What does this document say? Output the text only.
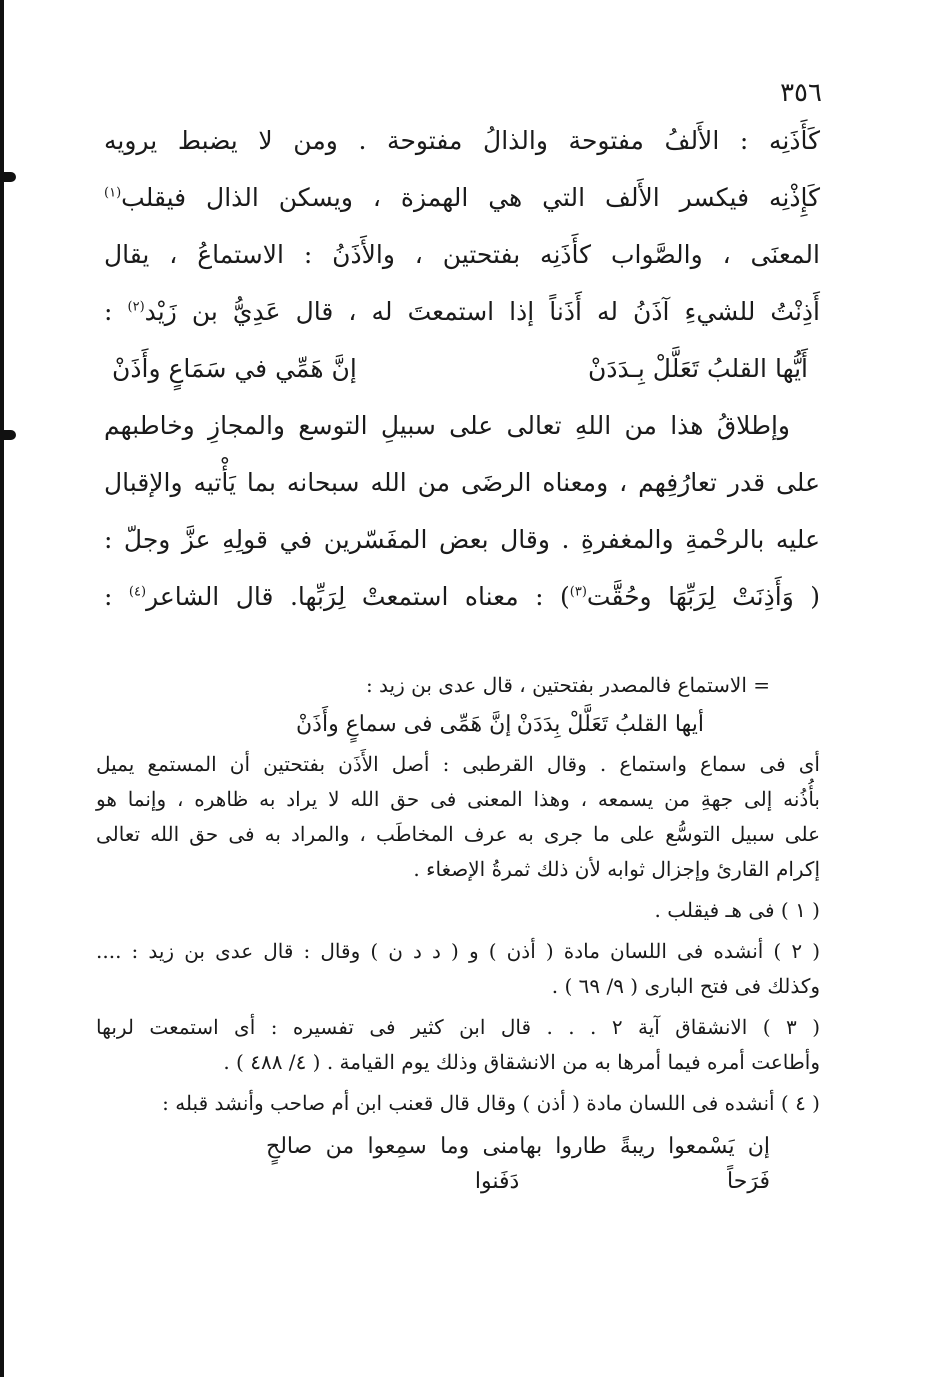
٣٥٦

كَأَذَنِه : الأَلفُ مفتوحة والذالُ مفتوحة . ومن لا يضبط يرويه

كَإِذْنِه فيكسر الأَلف التي هي الهمزة ، ويسكن الذال فيقلب$^{(١)}$

المعنَى ، والصَّواب كأَذَنِه بفتحتين ، والأَذَنُ : الاستماعُ ، يقال

أَذِنْتُ للشيءِ آذَنُ له أَذَناً إذا استمعتَ له ، قال عَدِيُّ بن زَيْد$^{(٢)}$ :

أَيُّها القلبُ تَعَلَّلْ بِـدَدَنْ
إنَّ هَمِّي في سَمَاعٍ وأَذَنْ

وإطلاقُ هذا من اللهِ تعالى على سبيلِ التوسع والمجازِ وخاطبهم

على قدر تعارُفِهم ، ومعناه الرضَى من الله سبحانه بما يَأْتيه والإقبال

عليه بالرحْمةِ والمغفرةِ . وقال بعض المفَسّرين في قولِهِ عزَّ وجلّ :

( وَأَذِنَتْ لِرَبِّهَا وحُقَّت$^{(٣)}$) : معناه استمعتْ لِرَبِّها. قال الشاعر$^{(٤)}$ :

= الاستماع فالمصدر بفتحتين ، قال عدى بن زيد :

أيها القلبُ تَعَلَّلْ بِدَدَنْ
إنَّ هَمِّى فى سماعٍ وأَذَنْ

أى فى سماع واستماع . وقال القرطبى : أصل الأَذَن بفتحتين أن المستمع يميل

بأُذُنه إلى جهةِ من يسمعه ، وهذا المعنى فى حق الله لا يراد به ظاهره ، وإنما هو

على سبيل التوسُّع على ما جرى به عرف المخاطَب ، والمراد به فى حق الله تعالى

إكرام القارئ وإجزال ثوابه لأن ذلك ثمرةُ الإصغاء .

( ١ ) فى هـ فيقلب .

( ٢ ) أنشده فى اللسان مادة ( أذن ) و ( د د ن ) وقال : قال عدى بن زيد : ....

وكذلك فى فتح البارى ( ٩/ ٦٩ ) .

( ٣ ) الانشقاق آية ٢ . . . قال ابن كثير فى تفسيره : أى استمعت لربها

وأطاعت أمره فيما أمرها به من الانشقاق وذلك يوم القيامة . ( ٤/ ٤٨٨ ) .

( ٤ ) أنشده فى اللسان مادة ( أذن ) وقال قال قعنب ابن أم صاحب وأنشد قبله :

إن يَسْمعوا ريبةً طاروا بها فَرَحاً
منى وما سمِعوا من صالحٍ دَفَنوا
